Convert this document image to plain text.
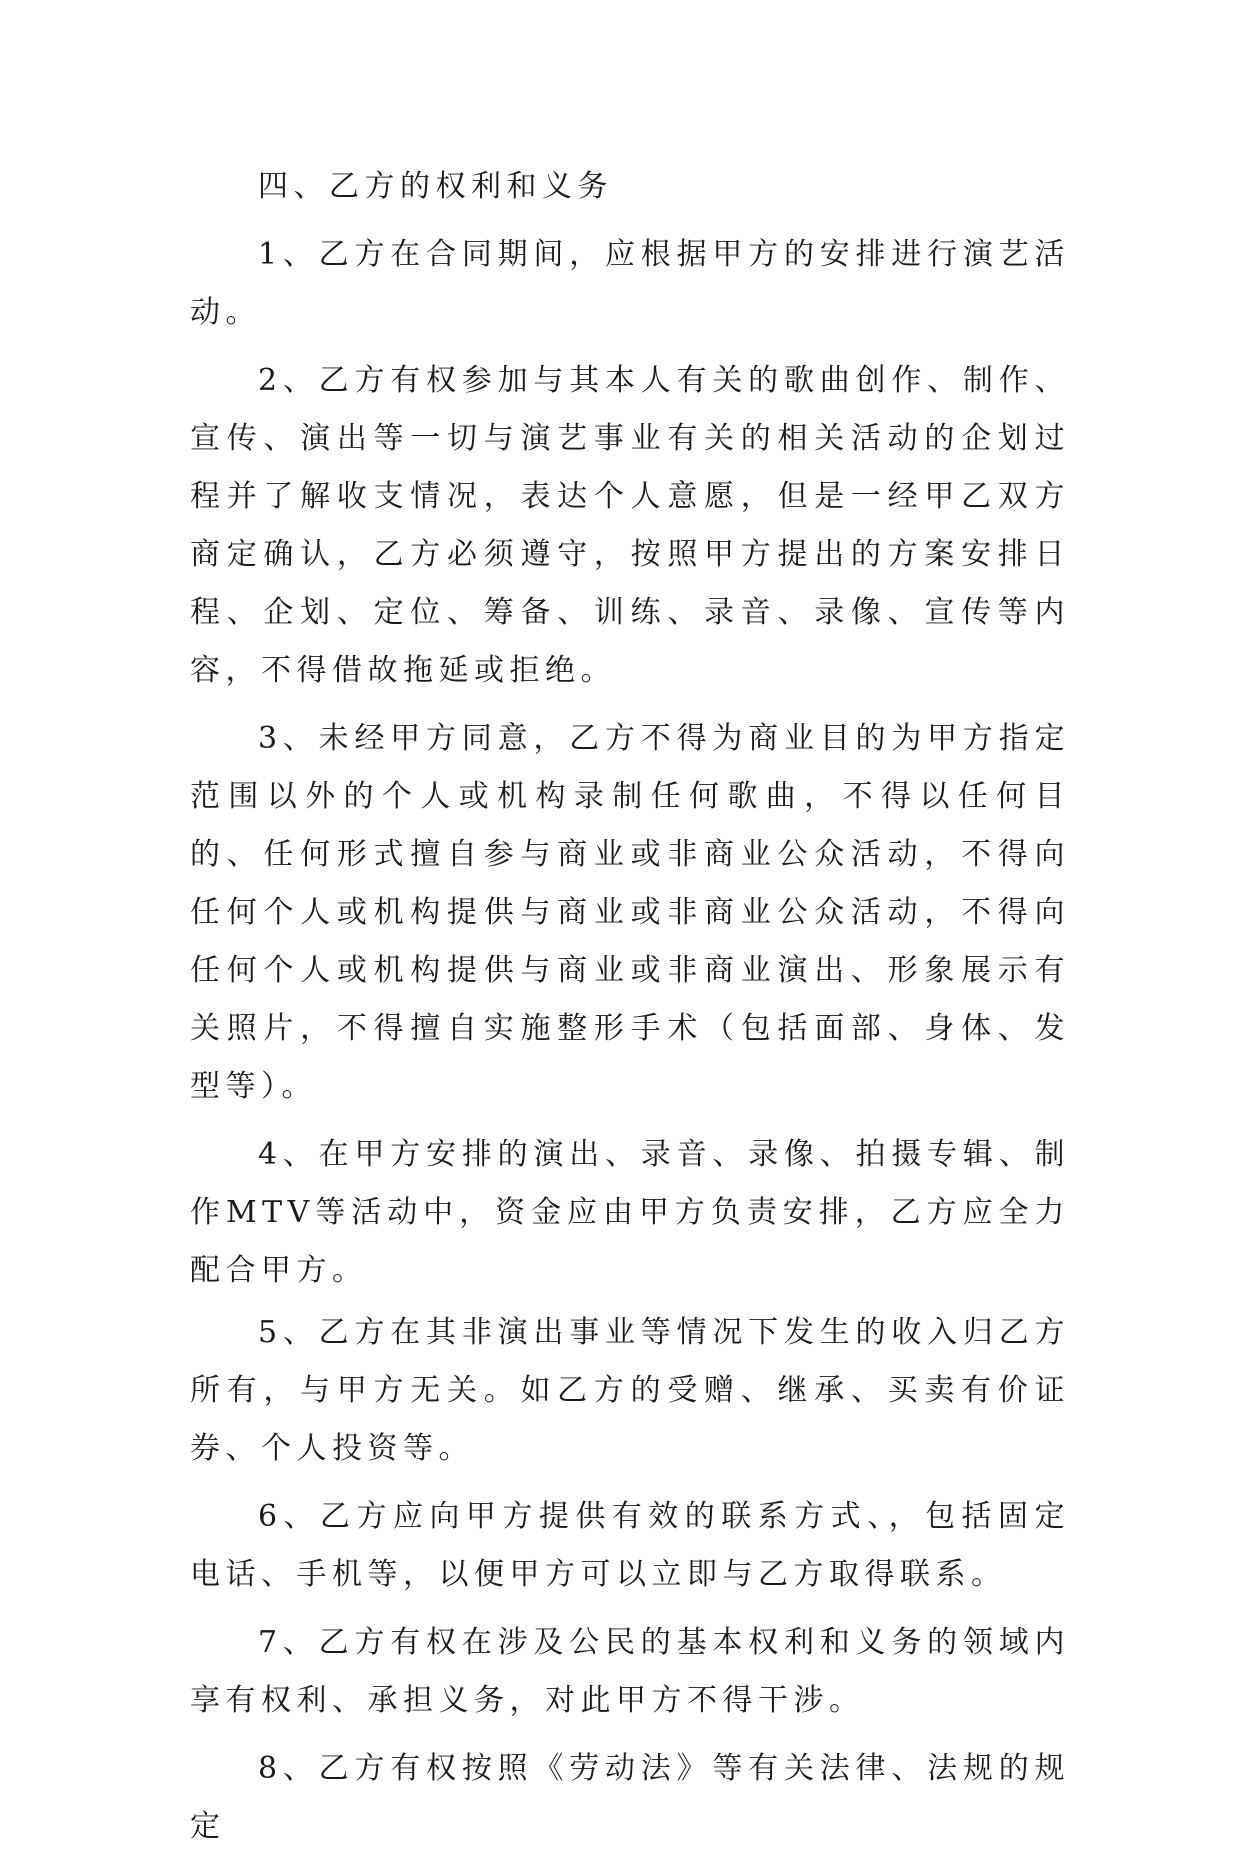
四、乙方的权利和义务

1、乙方在合同期间，应根据甲方的安排进行演艺活动。

2、乙方有权参加与其本人有关的歌曲创作、制作、宣传、演出等一切与演艺事业有关的相关活动的企划过程并了解收支情况，表达个人意愿，但是一经甲乙双方商定确认，乙方必须遵守，按照甲方提出的方案安排日程、企划、定位、筹备、训练、录音、录像、宣传等内容，不得借故拖延或拒绝。

3、未经甲方同意，乙方不得为商业目的为甲方指定范围以外的个人或机构录制任何歌曲，不得以任何目的、任何形式擅自参与商业或非商业公众活动，不得向任何个人或机构提供与商业或非商业公众活动，不得向任何个人或机构提供与商业或非商业演出、形象展示有关照片，不得擅自实施整形手术（包括面部、身体、发型等）。

4、在甲方安排的演出、录音、录像、拍摄专辑、制作MTV等活动中，资金应由甲方负责安排，乙方应全力配合甲方。

5、乙方在其非演出事业等情况下发生的收入归乙方所有，与甲方无关。如乙方的受赠、继承、买卖有价证券、个人投资等。

6、乙方应向甲方提供有效的联系方式、，包括固定电话、手机等，以便甲方可以立即与乙方取得联系。

7、乙方有权在涉及公民的基本权利和义务的领域内享有权利、承担义务，对此甲方不得干涉。

8、乙方有权按照《劳动法》等有关法律、法规的规定
